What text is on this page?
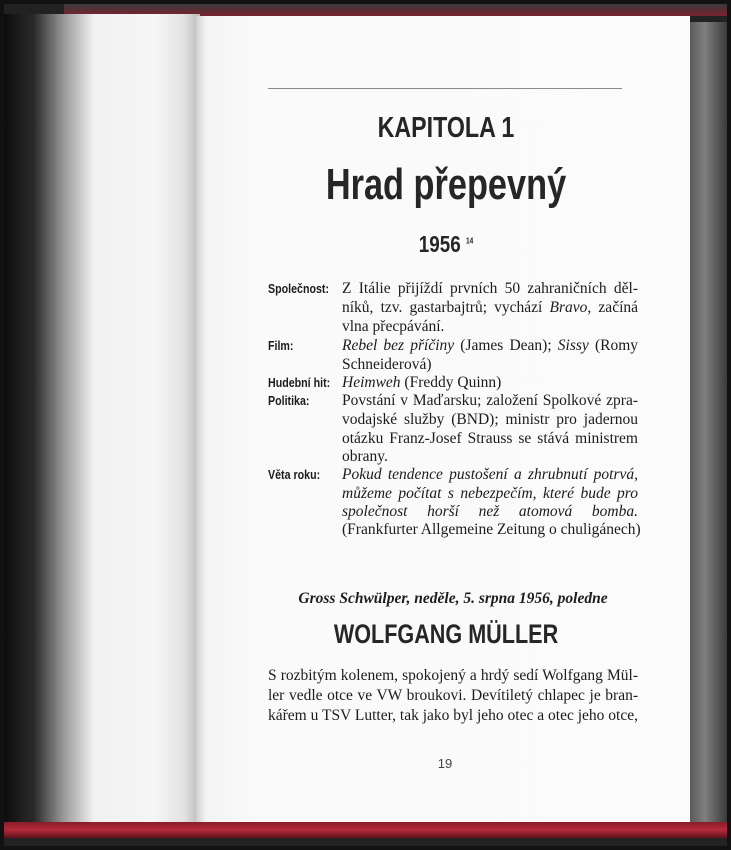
KAPITOLA 1
Hrad přepevný
1956 $^{14}$
Společnost: Z Itálie přijíždí prvních 50 zahraničních děl-
níků, tzv. gastarbajtrů; vychází Bravo, začíná
vlna přecpávání.
Film:	Rebel bez příčiny (James Dean); Sissy (Romy
Schneiderová)
Hudební hit: Heimweh (Freddy Quinn)
Politika: Povstání v Maďarsku; založení Spolkové zpra-
vodajské služby (BND); ministr pro jadernou
otázku Franz-Josef Strauss se stává ministrem
obrany.
Věta roku: Pokud tendence pustošení a zhrubnutí potrvá,
můžeme počítat s nebezpečím, které bude pro
společnost horší než atomová bomba.
(Frankfurter Allgemeine Zeitung o chuligánech)
Gross Schwülper, neděle, 5. srpna 1956, poledne
WOLFGANG MÜLLER
S rozbitým kolenem, spokojený a hrdý sedí Wolfgang Mül-
ler vedle otce ve VW broukovi. Devítiletý chlapec je bran-
kářem u TSV Lutter, tak jako byl jeho otec a otec jeho otce,
19
